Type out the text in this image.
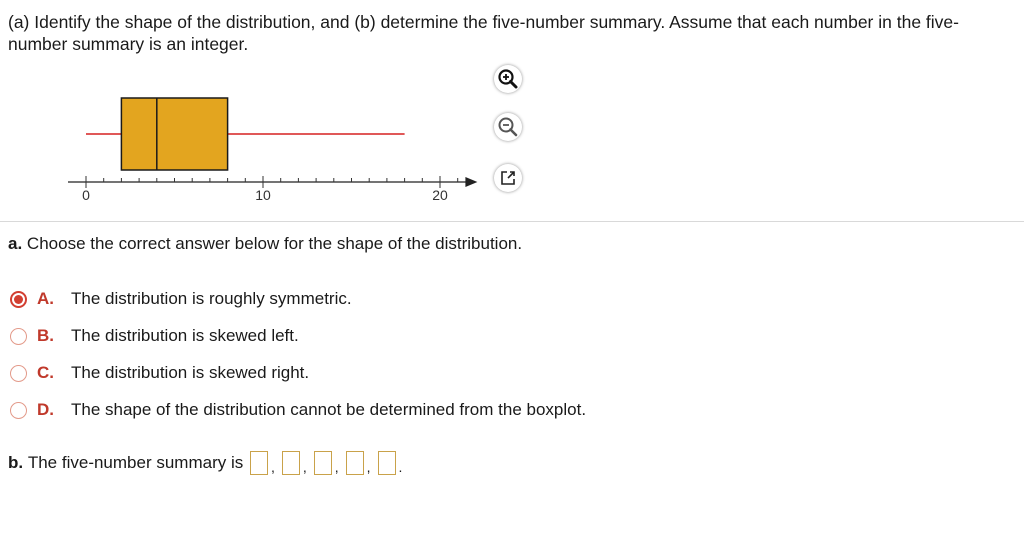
(a) Identify the shape of the distribution, and (b) determine the five-number summary. Assume that each number in the five-number summary is an integer.
0	10	20
a. Choose the correct answer below for the shape of the distribution.
A.	The distribution is roughly symmetric.
B.	The distribution is skewed left.
C.	The distribution is skewed right.
D.	The shape of the distribution cannot be determined from the boxplot.
b.
The five-number summary is
, , , , .
